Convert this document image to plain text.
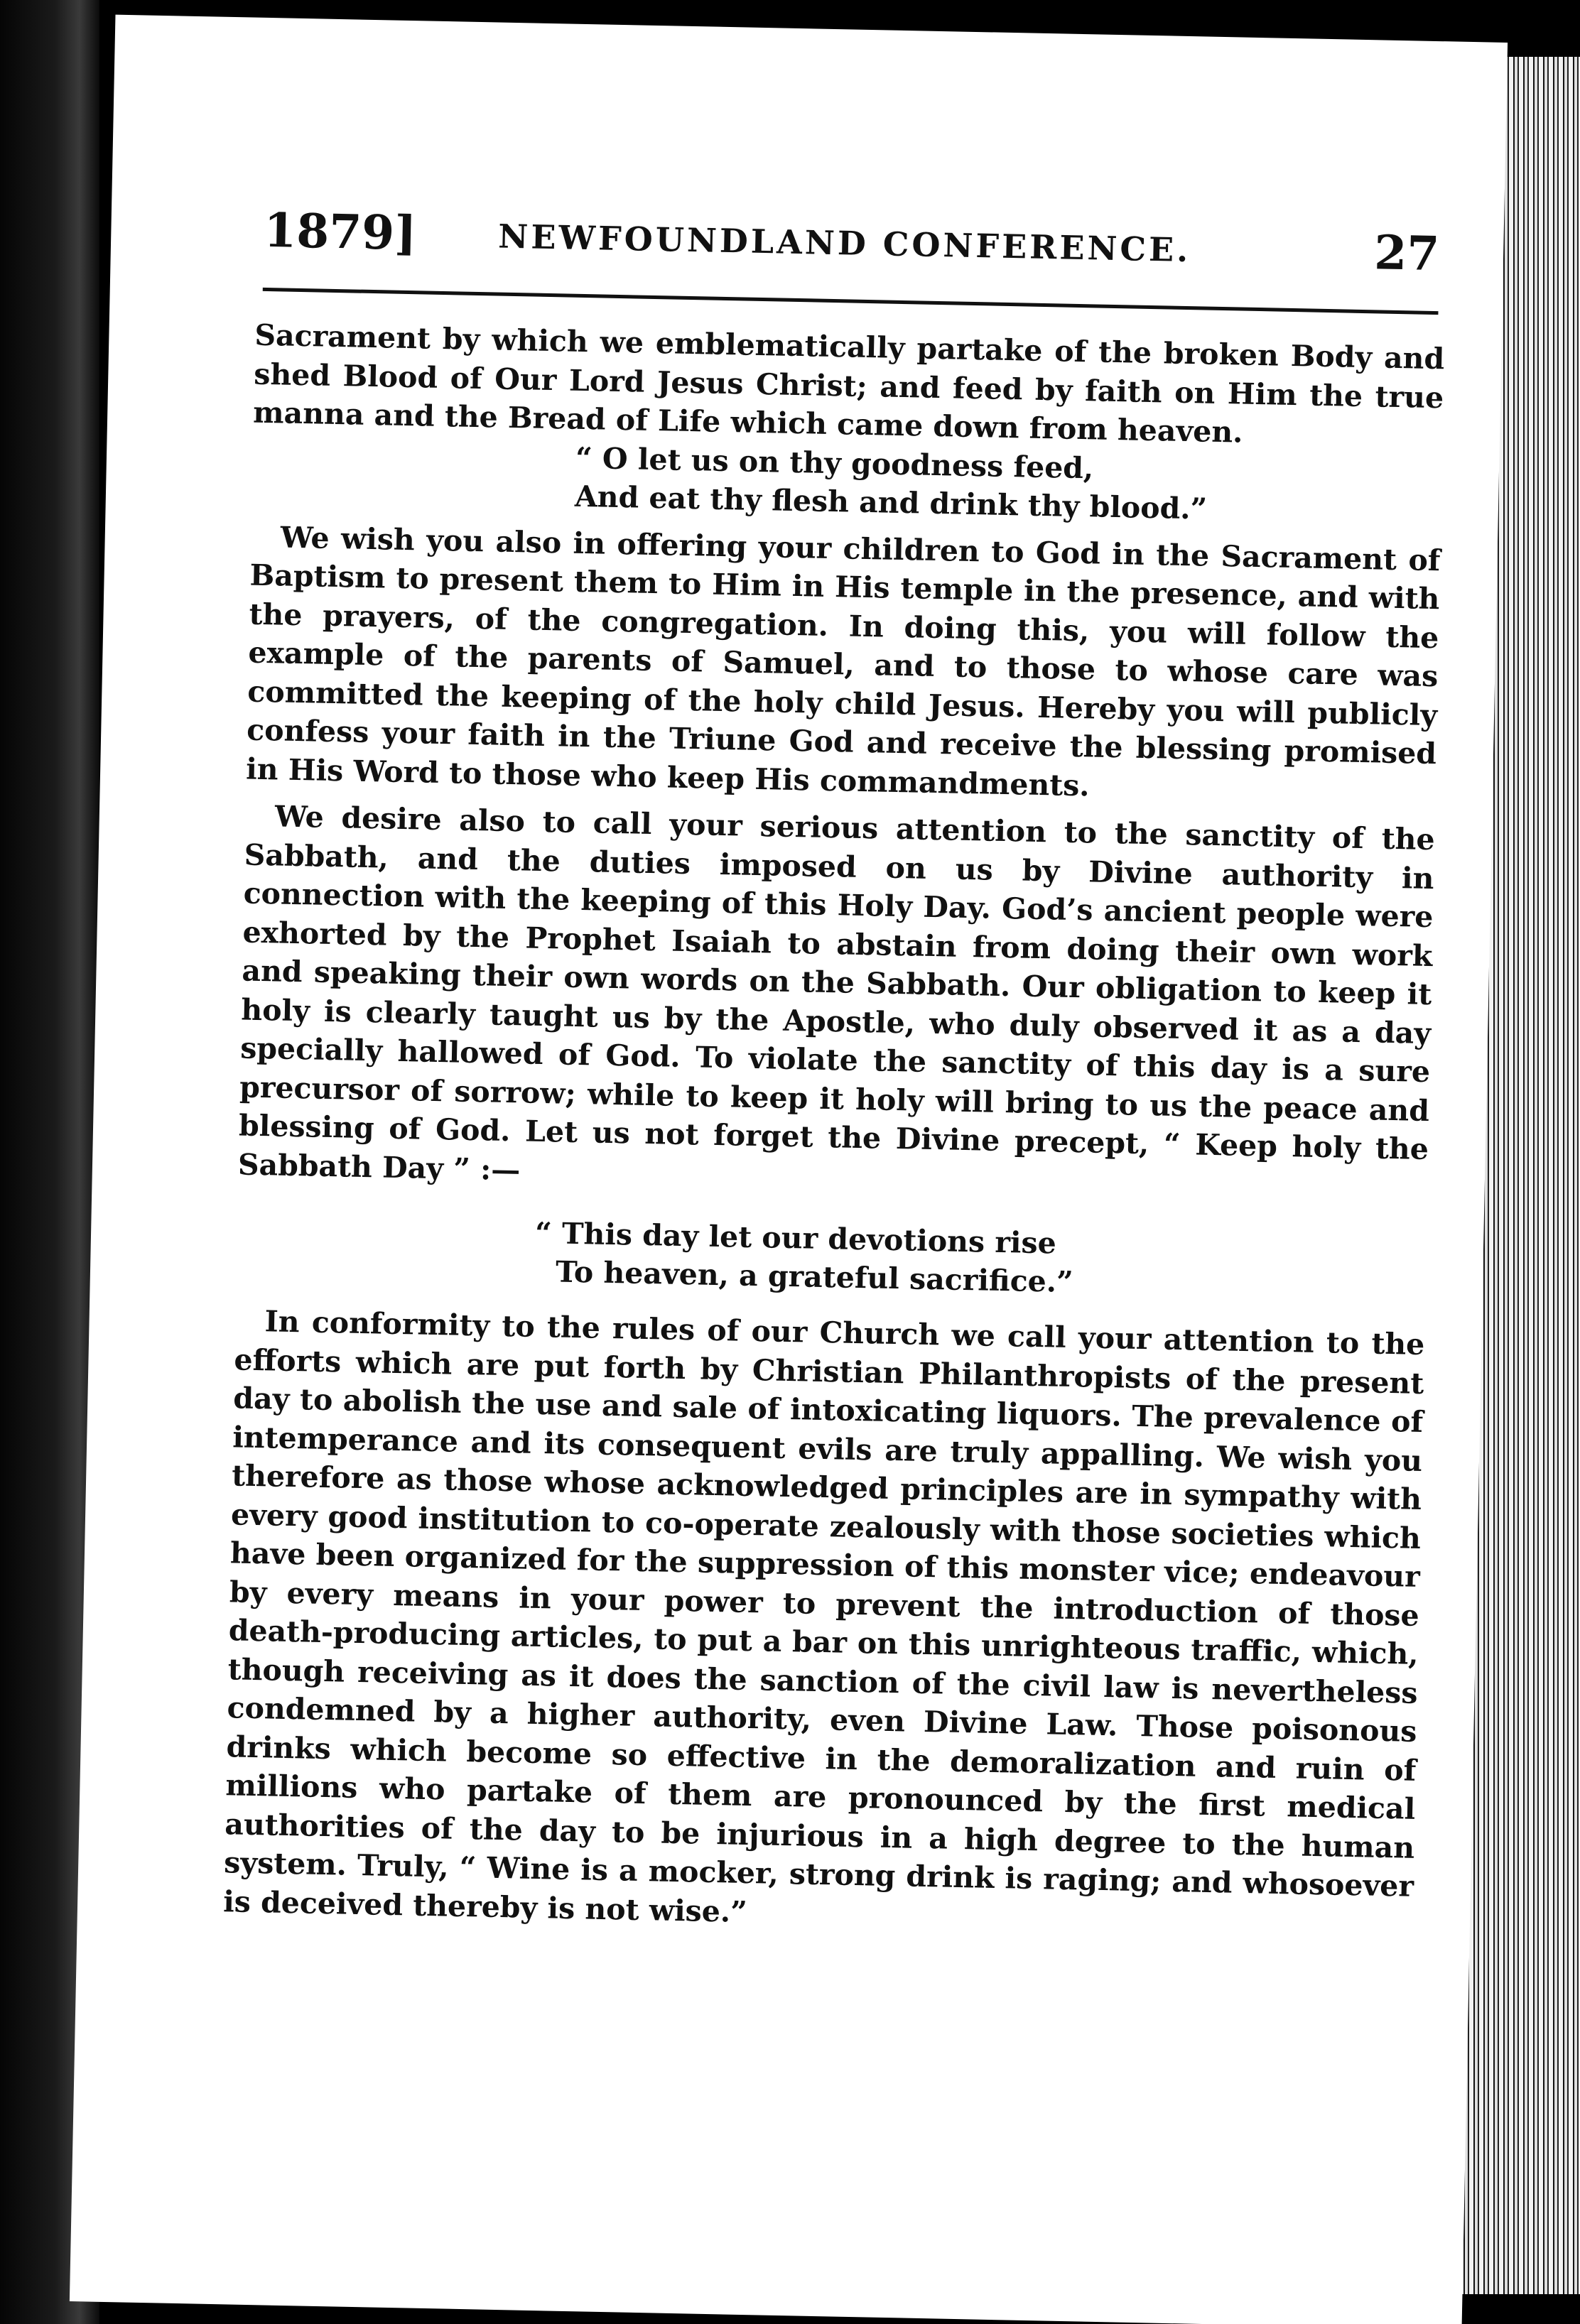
1879] NEWFOUNDLAND CONFERENCE.	27

Sacrament by which we emblematically partake of the broken Body and shed Blood of Our Lord Jesus Christ; and feed by faith on Him the true manna and the Bread of Life which came down from heaven.

“ O let us on thy goodness feed,
And eat thy flesh and drink thy blood.”

We wish you also in offering your children to God in the Sacrament of Baptism to present them to Him in His temple in the presence, and with the prayers, of the congregation. In doing this, you will follow the example of the parents of Samuel, and to those to whose care was committed the keeping of the holy child Jesus. Hereby you will publicly confess your faith in the Triune God and receive the blessing promised in His Word to those who keep His commandments.

We desire also to call your serious attention to the sanctity of the Sabbath, and the duties imposed on us by Divine authority in connection with the keeping of this Holy Day. God’s ancient people were exhorted by the Prophet Isaiah to abstain from doing their own work and speaking their own words on the Sabbath. Our obligation to keep it holy is clearly taught us by the Apostle, who duly observed it as a day specially hallowed of God. To violate the sanctity of this day is a sure precursor of sorrow; while to keep it holy will bring to us the peace and blessing of God. Let us not forget the Divine precept, “ Keep holy the Sabbath Day ” :—

“ This day let our devotions rise
To heaven, a grateful sacrifice.”

In conformity to the rules of our Church we call your attention to the efforts which are put forth by Christian Philanthropists of the present day to abolish the use and sale of intoxicating liquors. The prevalence of intemperance and its consequent evils are truly appalling. We wish you therefore as those whose acknowledged principles are in sympathy with every good institution to co-operate zealously with those societies which have been organized for the suppression of this monster vice; endeavour by every means in your power to prevent the introduction of those death-producing articles, to put a bar on this unrighteous traffic, which, though receiving as it does the sanction of the civil law is nevertheless condemned by a higher authority, even Divine Law. Those poisonous drinks which become so effective in the demoralization and ruin of millions who partake of them are pronounced by the first medical authorities of the day to be injurious in a high degree to the human system. Truly, “ Wine is a mocker, strong drink is raging; and whosoever is deceived thereby is not wise.”
